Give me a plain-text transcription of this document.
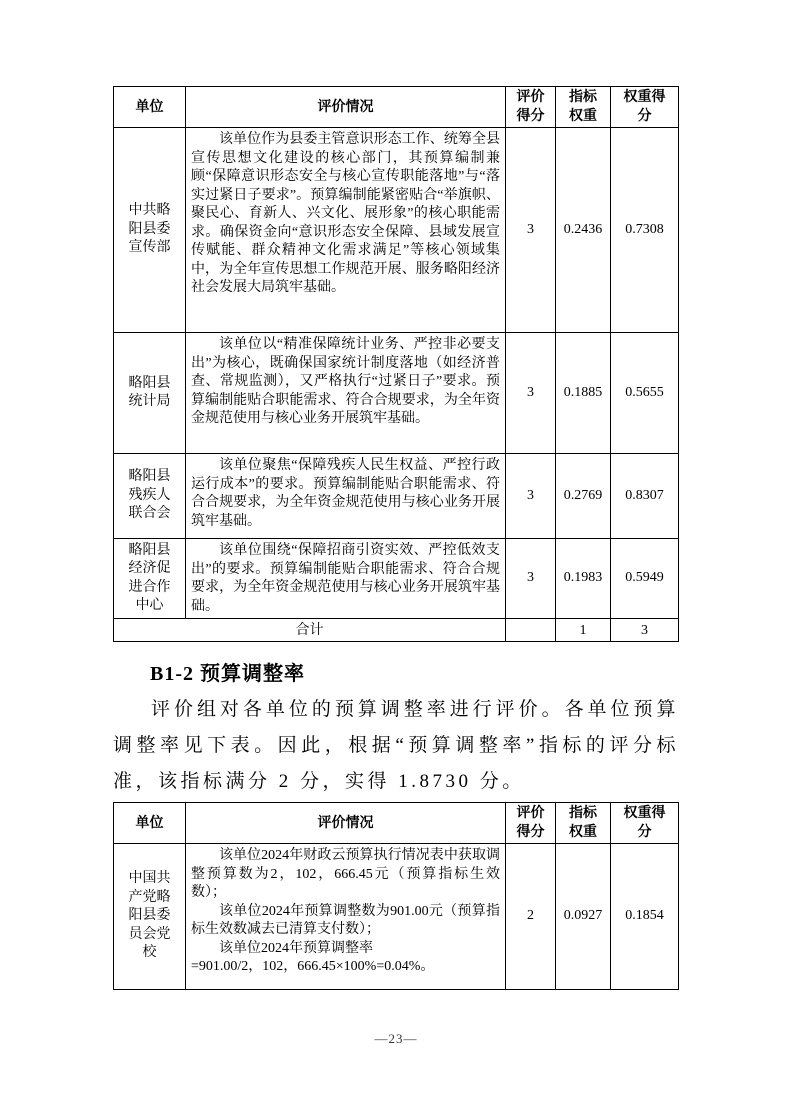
单位	评价情况	评价得分	指标权重	权重得分
中共略阳县委宣传部	该单位作为县委主管意识形态工作、统筹全县宣传思想文化建设的核心部门，其预算编制兼顾“保障意识形态安全与核心宣传职能落地”与“落实过紧日子要求”。预算编制能紧密贴合“举旗帜、聚民心、育新人、兴文化、展形象”的核心职能需求。确保资金向“意识形态安全保障、县域发展宣传赋能、群众精神文化需求满足”等核心领域集中，为全年宣传思想工作规范开展、服务略阳经济社会发展大局筑牢基础。	3	0.2436	0.7308
略阳县统计局	该单位以“精准保障统计业务、严控非必要支出”为核心，既确保国家统计制度落地（如经济普查、常规监测），又严格执行“过紧日子”要求。预算编制能贴合职能需求、符合合规要求，为全年资金规范使用与核心业务开展筑牢基础。	3	0.1885	0.5655
略阳县残疾人联合会	该单位聚焦“保障残疾人民生权益、严控行政运行成本”的要求。预算编制能贴合职能需求、符合合规要求，为全年资金规范使用与核心业务开展筑牢基础。	3	0.2769	0.8307
略阳县经济促进合作中心	该单位围绕“保障招商引资实效、严控低效支出”的要求。预算编制能贴合职能需求、符合合规要求，为全年资金规范使用与核心业务开展筑牢基础。	3	0.1983	0.5949
合计			1	3
B1-2 预算调整率
评价组对各单位的预算调整率进行评价。各单位预算调整率见下表。因此，根据“预算调整率”指标的评分标准，该指标满分 2 分，实得 1.8730 分。
单位	评价情况	评价得分	指标权重	权重得分
中国共产党略阳县委员会党校	该单位2024年财政云预算执行情况表中获取调整预算数为2，102，666.45元（预算指标生效数）；

该单位2024年预算调整数为901.00元（预算指标生效数减去已清算支付数）；

该单位2024年预算调整率

=901.00/2，102，666.45×100%=0.04%。	2	0.0927	0.1854
—23—
